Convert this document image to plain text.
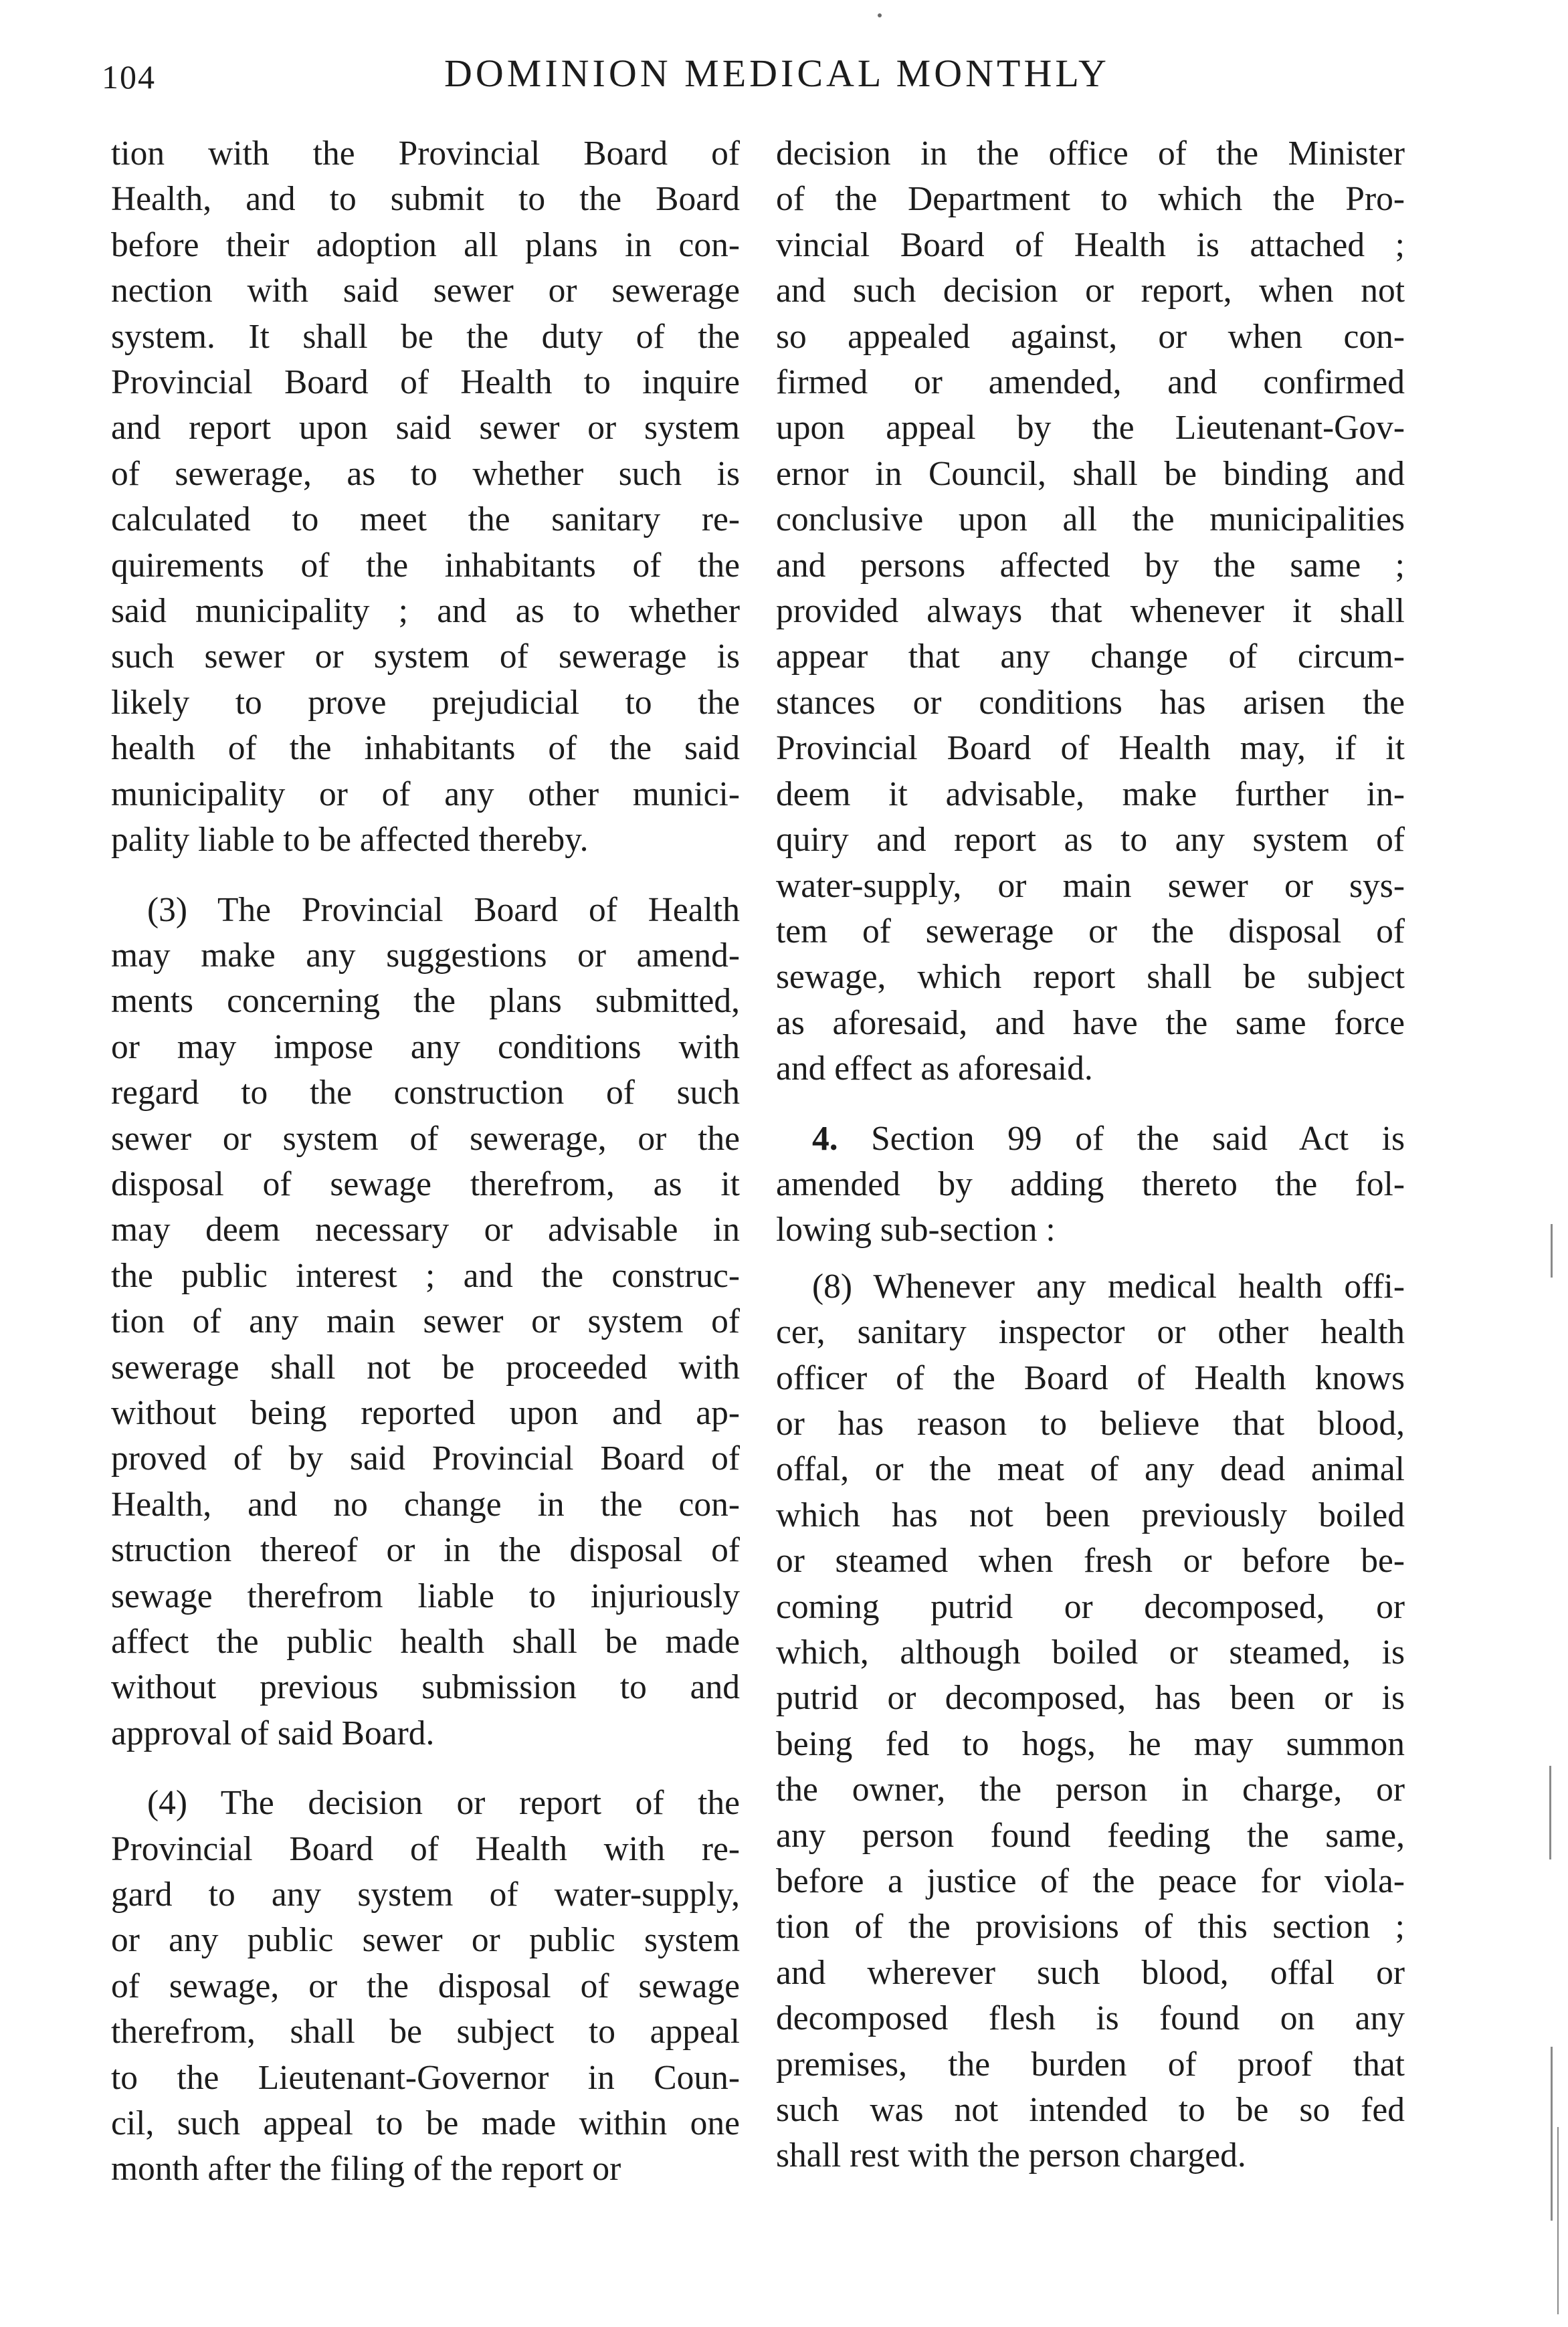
104	DOMINION MEDICAL MONTHLY
tion with the Provincial Board of
Health, and to submit to the Board
before their adoption all plans in con-
nection with said sewer or sewerage
system. It shall be the duty of the
Provincial Board of Health to inquire
and report upon said sewer or system
of sewerage, as to whether such is
calculated to meet the sanitary re-
quirements of the inhabitants of the
said municipality ; and as to whether
such sewer or system of sewerage is
likely to prove prejudicial to the
health of the inhabitants of the said
municipality or of any other munici-
pality liable to be affected thereby.
(3) The Provincial Board of Health
may make any suggestions or amend-
ments concerning the plans submitted,
or may impose any conditions with
regard to the construction of such
sewer or system of sewerage, or the
disposal of sewage therefrom, as it
may deem necessary or advisable in
the public interest ; and the construc-
tion of any main sewer or system of
sewerage shall not be proceeded with
without being reported upon and ap-
proved of by said Provincial Board of
Health, and no change in the con-
struction thereof or in the disposal of
sewage therefrom liable to injuriously
affect the public health shall be made
without previous submission to and
approval of said Board.
(4) The decision or report of the
Provincial Board of Health with re-
gard to any system of water-supply,
or any public sewer or public system
of sewage, or the disposal of sewage
therefrom, shall be subject to appeal
to the Lieutenant-Governor in Coun-
cil, such appeal to be made within one
month after the filing of the report or
decision in the office of the Minister
of the Department to which the Pro-
vincial Board of Health is attached ;
and such decision or report, when not
so appealed against, or when con-
firmed or amended, and confirmed
upon appeal by the Lieutenant-Gov-
ernor in Council, shall be binding and
conclusive upon all the municipalities
and persons affected by the same ;
provided always that whenever it shall
appear that any change of circum-
stances or conditions has arisen the
Provincial Board of Health may, if it
deem it advisable, make further in-
quiry and report as to any system of
water-supply, or main sewer or sys-
tem of sewerage or the disposal of
sewage, which report shall be subject
as aforesaid, and have the same force
and effect as aforesaid.
4. Section 99 of the said Act is
amended by adding thereto the fol-
lowing sub-section :
(8) Whenever any medical health offi-
cer, sanitary inspector or other health
officer of the Board of Health knows
or has reason to believe that blood,
offal, or the meat of any dead animal
which has not been previously boiled
or steamed when fresh or before be-
coming putrid or decomposed, or
which, although boiled or steamed, is
putrid or decomposed, has been or is
being fed to hogs, he may summon
the owner, the person in charge, or
any person found feeding the same,
before a justice of the peace for viola-
tion of the provisions of this section ;
and wherever such blood, offal or
decomposed flesh is found on any
premises, the burden of proof that
such was not intended to be so fed
shall rest with the person charged.
